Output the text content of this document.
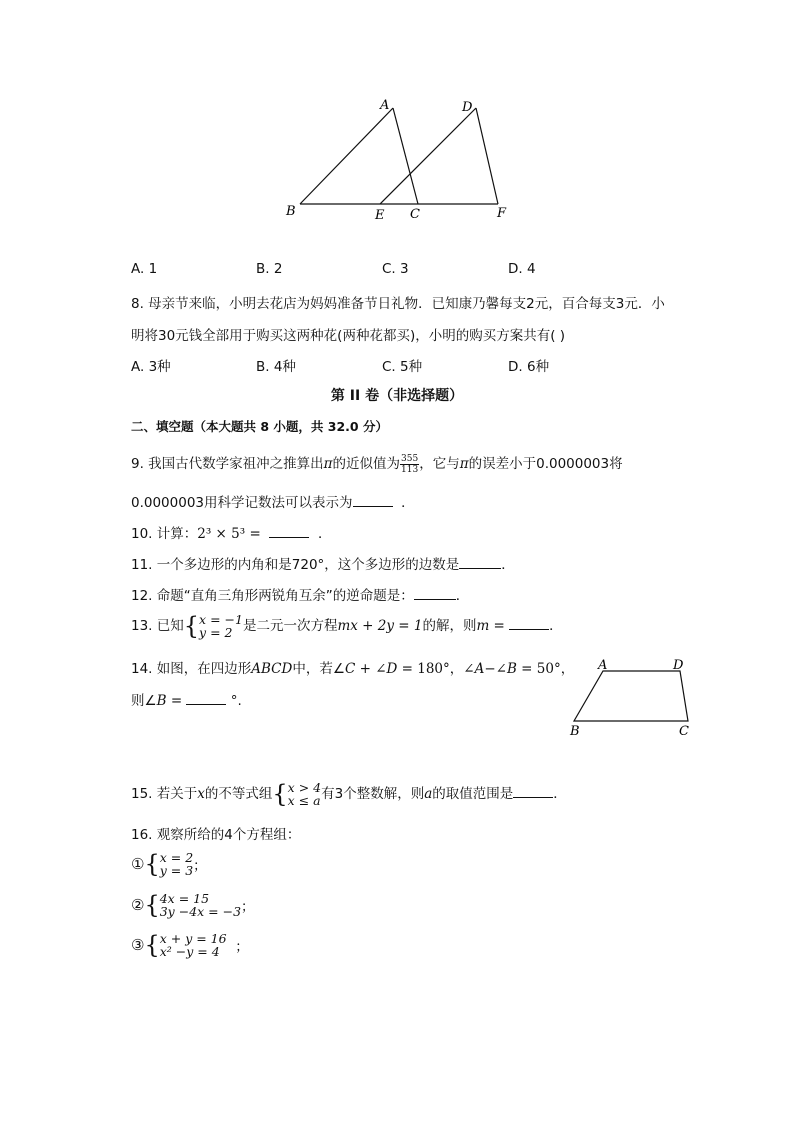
A	D
B	E C	F
A. 1	B. 2	C. 3	D. 4
8. 母亲节来临，小明去花店为妈妈准备节日礼物．已知康乃馨每支2元，百合每支3元．小
明将30元钱全部用于购买这两种花(两种花都买)，小明的购买方案共有( )
A. 3种	B. 4种	C. 5种	D. 6种
第 II 卷（非选择题）
二、填空题（本大题共 8 小题，共 32.0 分）
9. 我国古代数学家祖冲之推算出π的近似值为 $\frac{355}{113}$ ，它与π的误差小于0.0000003将
0.0000003用科学记数法可以表示为	．
10. 计算：2³ × 5³ =	．
11. 一个多边形的内角和是720°，这个多边形的边数是	．
12. 命题“直角三角形两锐角互余”的逆命题是：	．
13. 已知{ x = −1
y = 2 是二元一次方程mx + 2y = 1的解，则m =	．
14. 如图，在四边形ABCD中，若∠C + ∠D = 180°，∠A−∠B = 50°，
则∠B =	°.
A	D
B	C
15. 若关于x的不等式组{ x > 4
x ≤ a 有3个整数解，则a的取值范围是	．
16. 观察所给的4个方程组：
①{ x = 2
y = 3 ；
②{ 4x = 15
3y −4x = −3 ；
③{ x + y = 16
x² −y = 4	；
